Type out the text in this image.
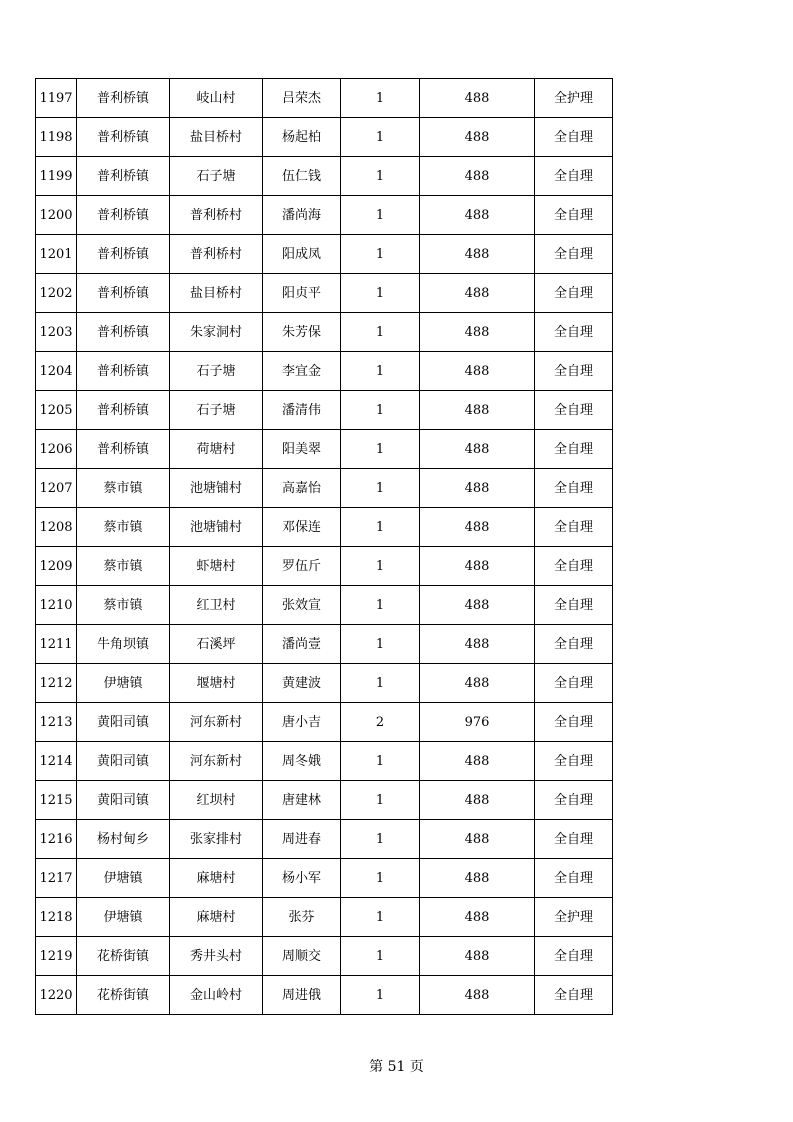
1197	普利桥镇	岐山村	吕荣杰	1	488	全护理
1198	普利桥镇	盐目桥村	杨起柏	1	488	全自理
1199	普利桥镇	石子塘	伍仁钱	1	488	全自理
1200	普利桥镇	普利桥村	潘尚海	1	488	全自理
1201	普利桥镇	普利桥村	阳成凤	1	488	全自理
1202	普利桥镇	盐目桥村	阳贞平	1	488	全自理
1203	普利桥镇	朱家洞村	朱芳保	1	488	全自理
1204	普利桥镇	石子塘	李宜金	1	488	全自理
1205	普利桥镇	石子塘	潘清伟	1	488	全自理
1206	普利桥镇	荷塘村	阳美翠	1	488	全自理
1207	蔡市镇	池塘铺村	高嘉怡	1	488	全自理
1208	蔡市镇	池塘铺村	邓保连	1	488	全自理
1209	蔡市镇	虾塘村	罗伍斤	1	488	全自理
1210	蔡市镇	红卫村	张效宣	1	488	全自理
1211	牛角坝镇	石溪坪	潘尚壹	1	488	全自理
1212	伊塘镇	堰塘村	黄建波	1	488	全自理
1213	黄阳司镇	河东新村	唐小吉	2	976	全自理
1214	黄阳司镇	河东新村	周冬娥	1	488	全自理
1215	黄阳司镇	红坝村	唐建林	1	488	全自理
1216	杨村甸乡	张家排村	周进春	1	488	全自理
1217	伊塘镇	麻塘村	杨小军	1	488	全自理
1218	伊塘镇	麻塘村	张芬	1	488	全护理
1219	花桥街镇	秀井头村	周顺交	1	488	全自理
1220	花桥街镇	金山岭村	周进俄	1	488	全自理
第 51 页
